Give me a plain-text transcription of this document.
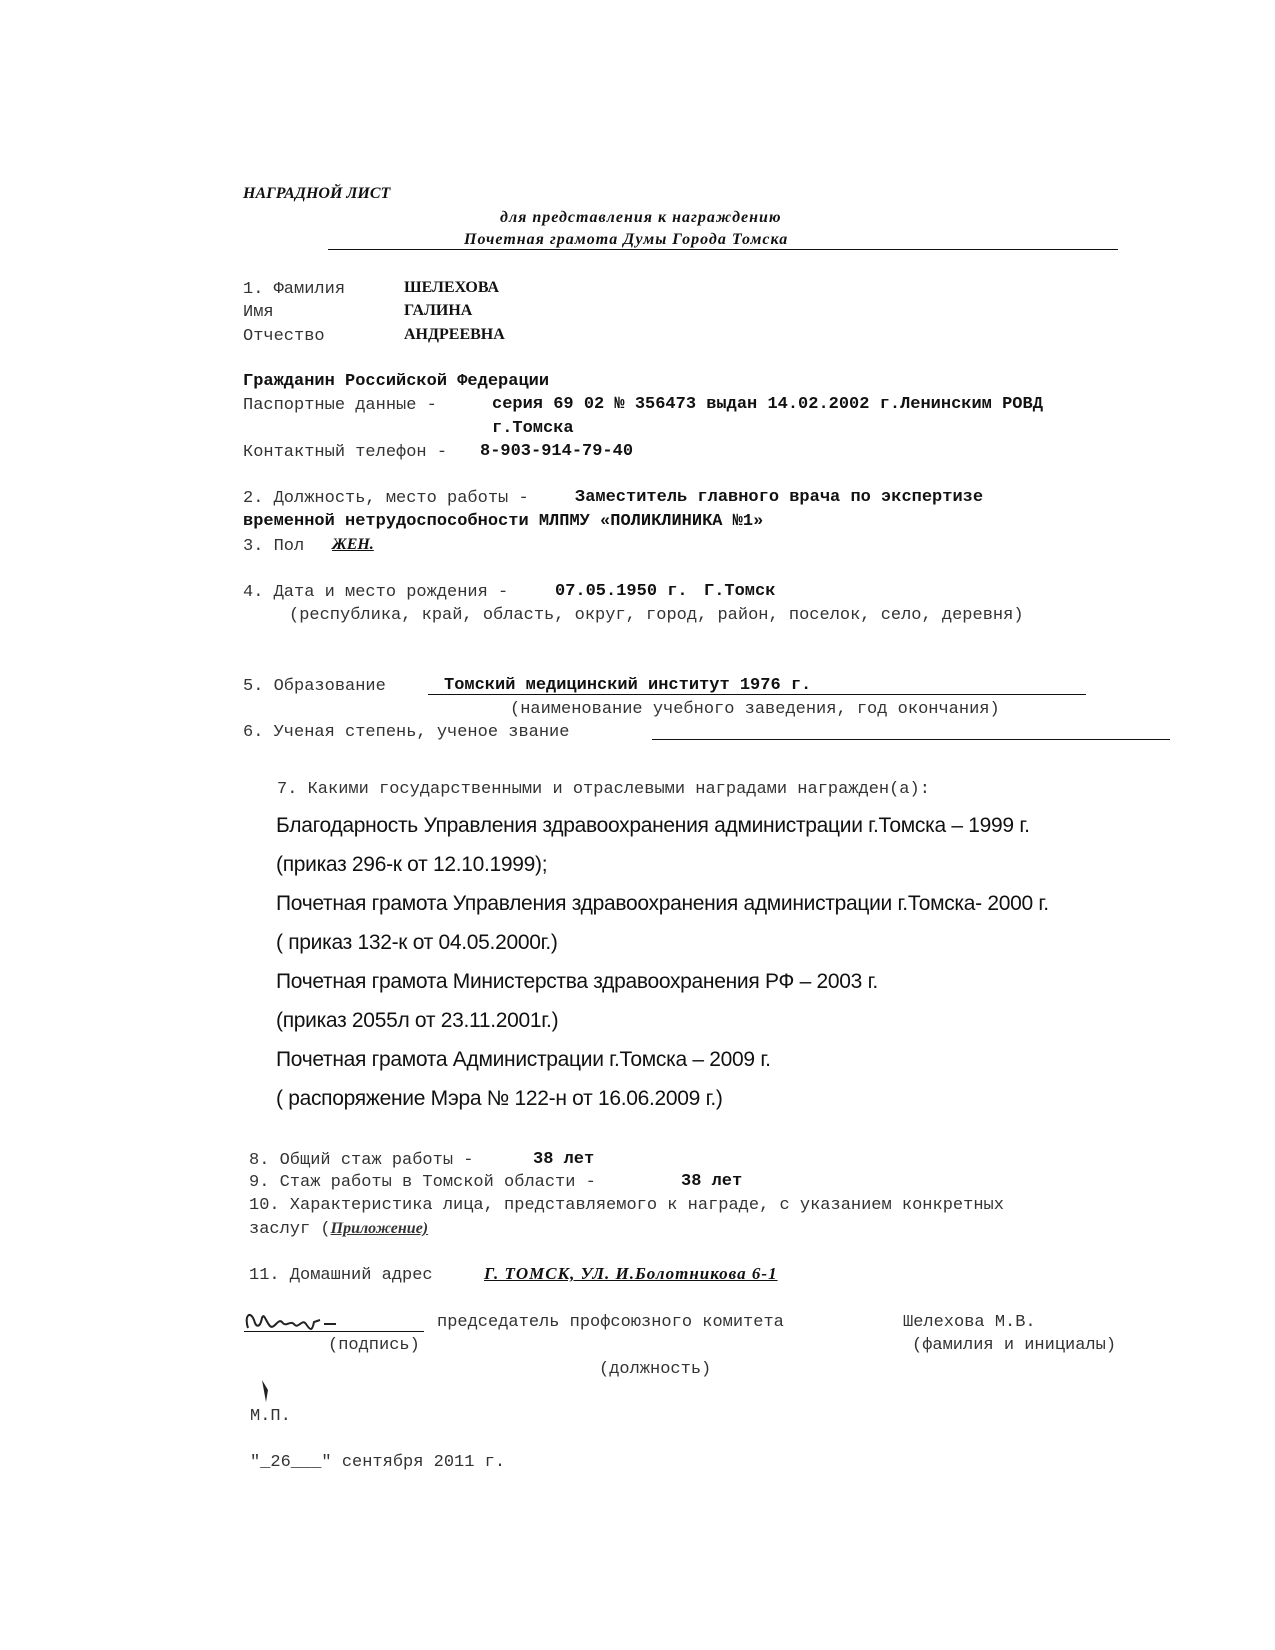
НАГРАДНОЙ ЛИСТ
для представления к награждению
Почетная грамота Думы Города Томска
1. Фамилия	ШЕЛЕХОВА
Имя	ГАЛИНА
Отчество	АНДРЕЕВНА
Гражданин Российской Федерации
Паспортные данные -	серия 69 02 № 356473 выдан 14.02.2002 г.Ленинским РОВД
г.Томска
Контактный телефон - 8-903-914-79-40
2. Должность, место работы -	Заместитель главного врача по экспертизе
временной нетрудоспособности МЛПМУ «ПОЛИКЛИНИКА №1»
3. Пол ЖЕН.
4. Дата и место рождения -	07.05.1950 г. Г.Томск
(республика, край, область, округ, город, район, поселок, село, деревня)
5. Образование	Томский медицинский институт 1976 г.
(наименование учебного заведения, год окончания)
6. Ученая степень, ученое звание
7. Какими государственными и отраслевыми наградами награжден(а):
Благодарность Управления здравоохранения администрации г.Томска – 1999 г.
(приказ 296-к от 12.10.1999);
Почетная грамота Управления здравоохранения администрации г.Томска- 2000 г.
( приказ 132-к от 04.05.2000г.)
Почетная грамота Министерства здравоохранения РФ – 2003 г.
(приказ 2055л от 23.11.2001г.)
Почетная грамота Администрации г.Томска – 2009 г.
( распоряжение Мэра № 122-н от 16.06.2009 г.)
8. Общий стаж работы -	38 лет
9. Стаж работы в Томской области -	38 лет
10. Характеристика лица, представляемого к награде, с указанием конкретных
заслуг (Приложение)
11. Домашний адрес	Г. ТОМСК, УЛ. И.Болотникова 6-1
председатель профсоюзного комитета	Шелехова М.В.
(подпись)	(фамилия и инициалы)
(должность)
М.П.
"_26___" сентября 2011 г.
